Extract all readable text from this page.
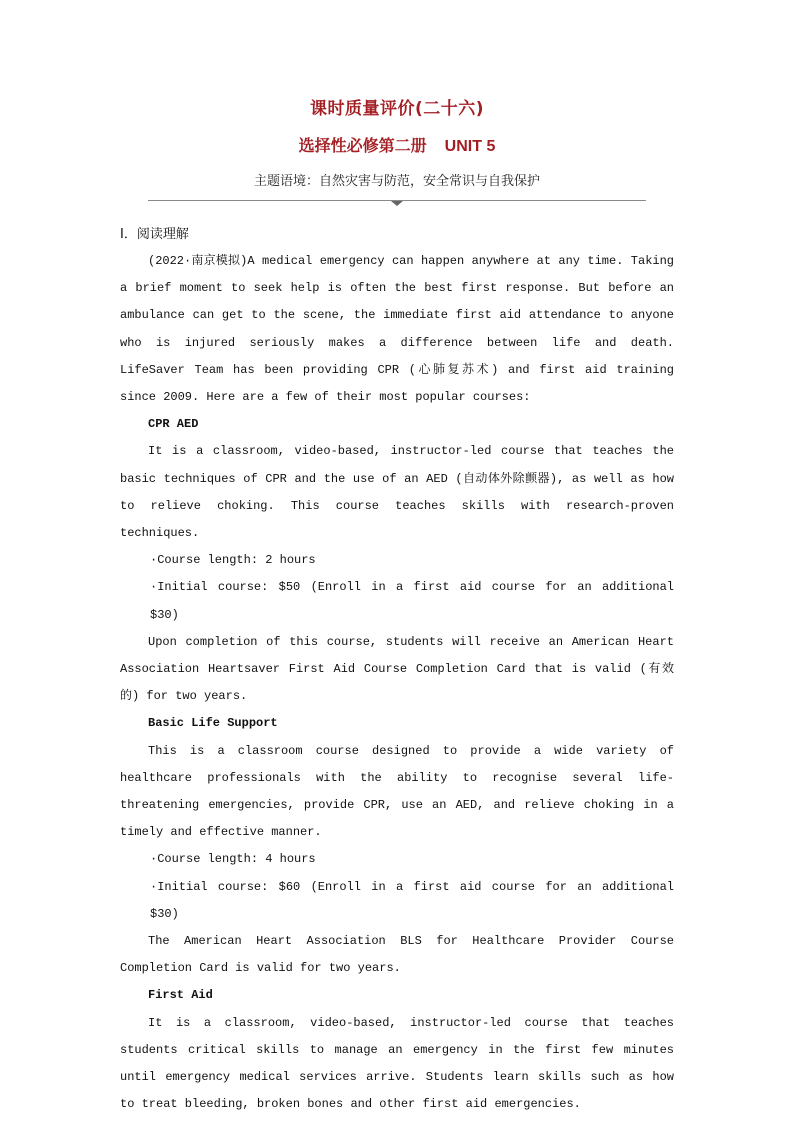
课时质量评价(二十六)
选择性必修第二册 UNIT 5
主题语境：自然灾害与防范，安全常识与自我保护
Ⅰ．阅读理解

(2022·南京模拟)A medical emergency can happen anywhere at any time. Taking a brief moment to seek help is often the best first response. But before an ambulance can get to the scene, the immediate first aid attendance to anyone who is injured seriously makes a difference between life and death. LifeSaver Team has been providing CPR (心肺复苏术) and first aid training since 2009. Here are a few of their most popular courses:

CPR AED

It is a classroom, video-based, instructor-led course that teaches the basic techniques of CPR and the use of an AED (自动体外除颤器), as well as how to relieve choking. This course teaches skills with research-proven techniques.

·Course length: 2 hours

·Initial course: $50 (Enroll in a first aid course for an additional $30)

Upon completion of this course, students will receive an American Heart Association Heartsaver First Aid Course Completion Card that is valid (有效的) for two years.

Basic Life Support

This is a classroom course designed to provide a wide variety of healthcare professionals with the ability to recognise several life-threatening emergencies, provide CPR, use an AED, and relieve choking in a timely and effective manner.

·Course length: 4 hours

·Initial course: $60 (Enroll in a first aid course for an additional $30)

The American Heart Association BLS for Healthcare Provider Course Completion Card is valid for two years.

First Aid

It is a classroom, video-based, instructor-led course that teaches students critical skills to manage an emergency in the first few minutes until emergency medical services arrive. Students learn skills such as how to treat bleeding, broken bones and other first aid emergencies.
